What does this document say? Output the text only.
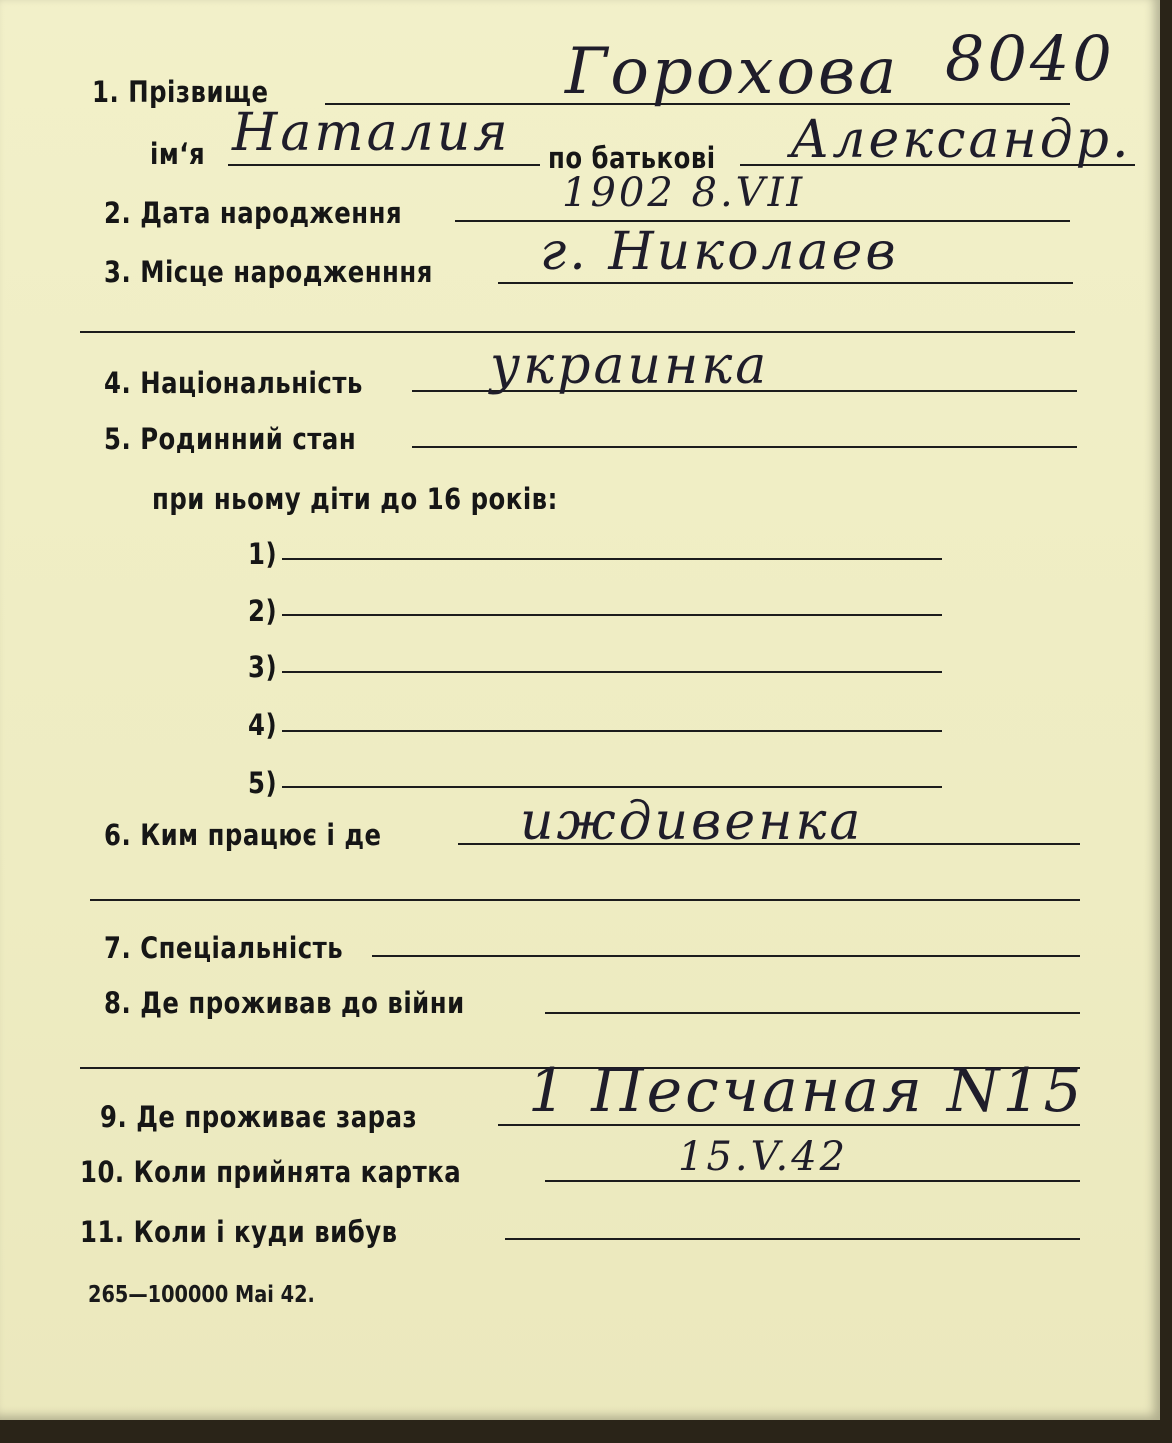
8040
1. Прізвище	Горохова
ім‘я Наталия по батькові Александр.
2. Дата народження	1902 8.VII
3. Місце народженння г. Николаев
4. Національність украинка
5. Родинний стан
при ньому діти до 16 років:
1)
2)
3)
4)
5)
6. Ким працює і де	иждивенка
7. Спеціальність
8. Де проживав до війни
9. Де проживає зараз 1 Песчаная N15
10. Коли прийнята картка	15.V.42
11. Коли і куди вибув
265—100000 Mai 42.
